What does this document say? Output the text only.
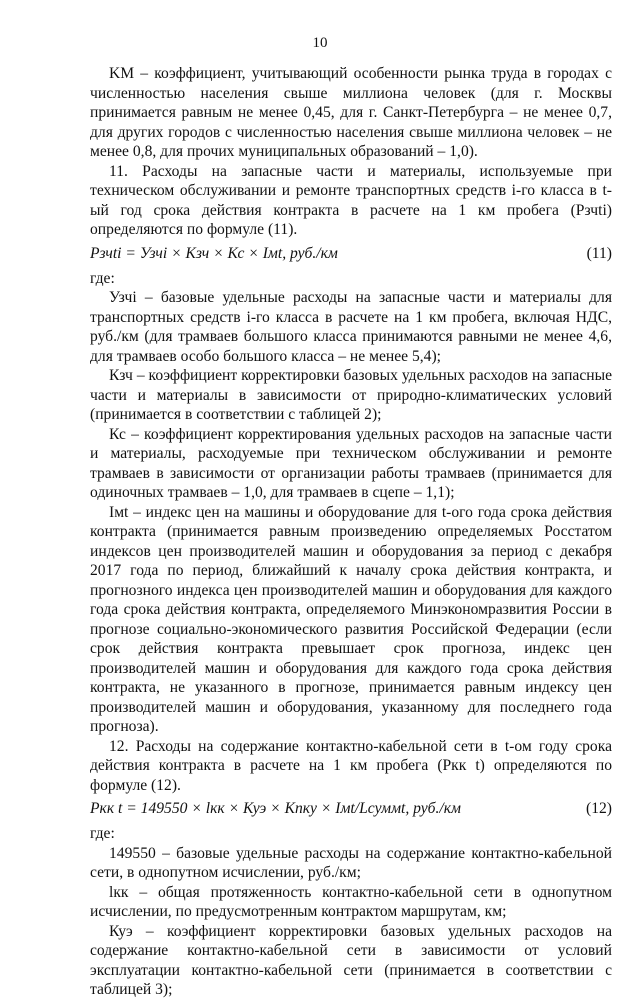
10

KM – коэффициент, учитывающий особенности рынка труда в городах с численностью населения свыше миллиона человек (для г. Москвы принимается равным не менее 0,45, для г. Санкт-Петербурга – не менее 0,7, для других городов с численностью населения свыше миллиона человек – не менее 0,8, для прочих муниципальных образований – 1,0).

11. Расходы на запасные части и материалы, используемые при техническом обслуживании и ремонте транспортных средств i-го класса в t-ый год срока действия контракта в расчете на 1 км пробега (Рзчti) определяются по формуле (11).

Рзчti = Узчi × Кзч × Кс × Iмt, руб./км	(11)

где:

Узчi – базовые удельные расходы на запасные части и материалы для транспортных средств i-го класса в расчете на 1 км пробега, включая НДС, руб./км (для трамваев большого класса принимаются равными не менее 4,6, для трамваев особо большого класса – не менее 5,4);

Кзч – коэффициент корректировки базовых удельных расходов на запасные части и материалы в зависимости от природно-климатических условий (принимается в соответствии с таблицей 2);

Кс – коэффициент корректирования удельных расходов на запасные части и материалы, расходуемые при техническом обслуживании и ремонте трамваев в зависимости от организации работы трамваев (принимается для одиночных трамваев – 1,0, для трамваев в сцепе – 1,1);

Iмt – индекс цен на машины и оборудование для t-ого года срока действия контракта (принимается равным произведению определяемых Росстатом индексов цен производителей машин и оборудования за период с декабря 2017 года по период, ближайший к началу срока действия контракта, и прогнозного индекса цен производителей машин и оборудования для каждого года срока действия контракта, определяемого Минэкономразвития России в прогнозе социально-экономического развития Российской Федерации (если срок действия контракта превышает срок прогноза, индекс цен производителей машин и оборудования для каждого года срока действия контракта, не указанного в прогнозе, принимается равным индексу цен производителей машин и оборудования, указанному для последнего года прогноза).

12. Расходы на содержание контактно-кабельной сети в t-ом году срока действия контракта в расчете на 1 км пробега (Ркк t) определяются по формуле (12).

Ркк t = 149550 × lкк × Куэ × Кпку × Iмt/Lсуммt, руб./км	(12)

где:

149550 – базовые удельные расходы на содержание контактно-кабельной сети, в однопутном исчислении, руб./км;

lкк – общая протяженность контактно-кабельной сети в однопутном исчислении, по предусмотренным контрактом маршрутам, км;

Куэ – коэффициент корректировки базовых удельных расходов на содержание контактно-кабельной сети в зависимости от условий эксплуатации контактно-кабельной сети (принимается в соответствии с таблицей 3);
